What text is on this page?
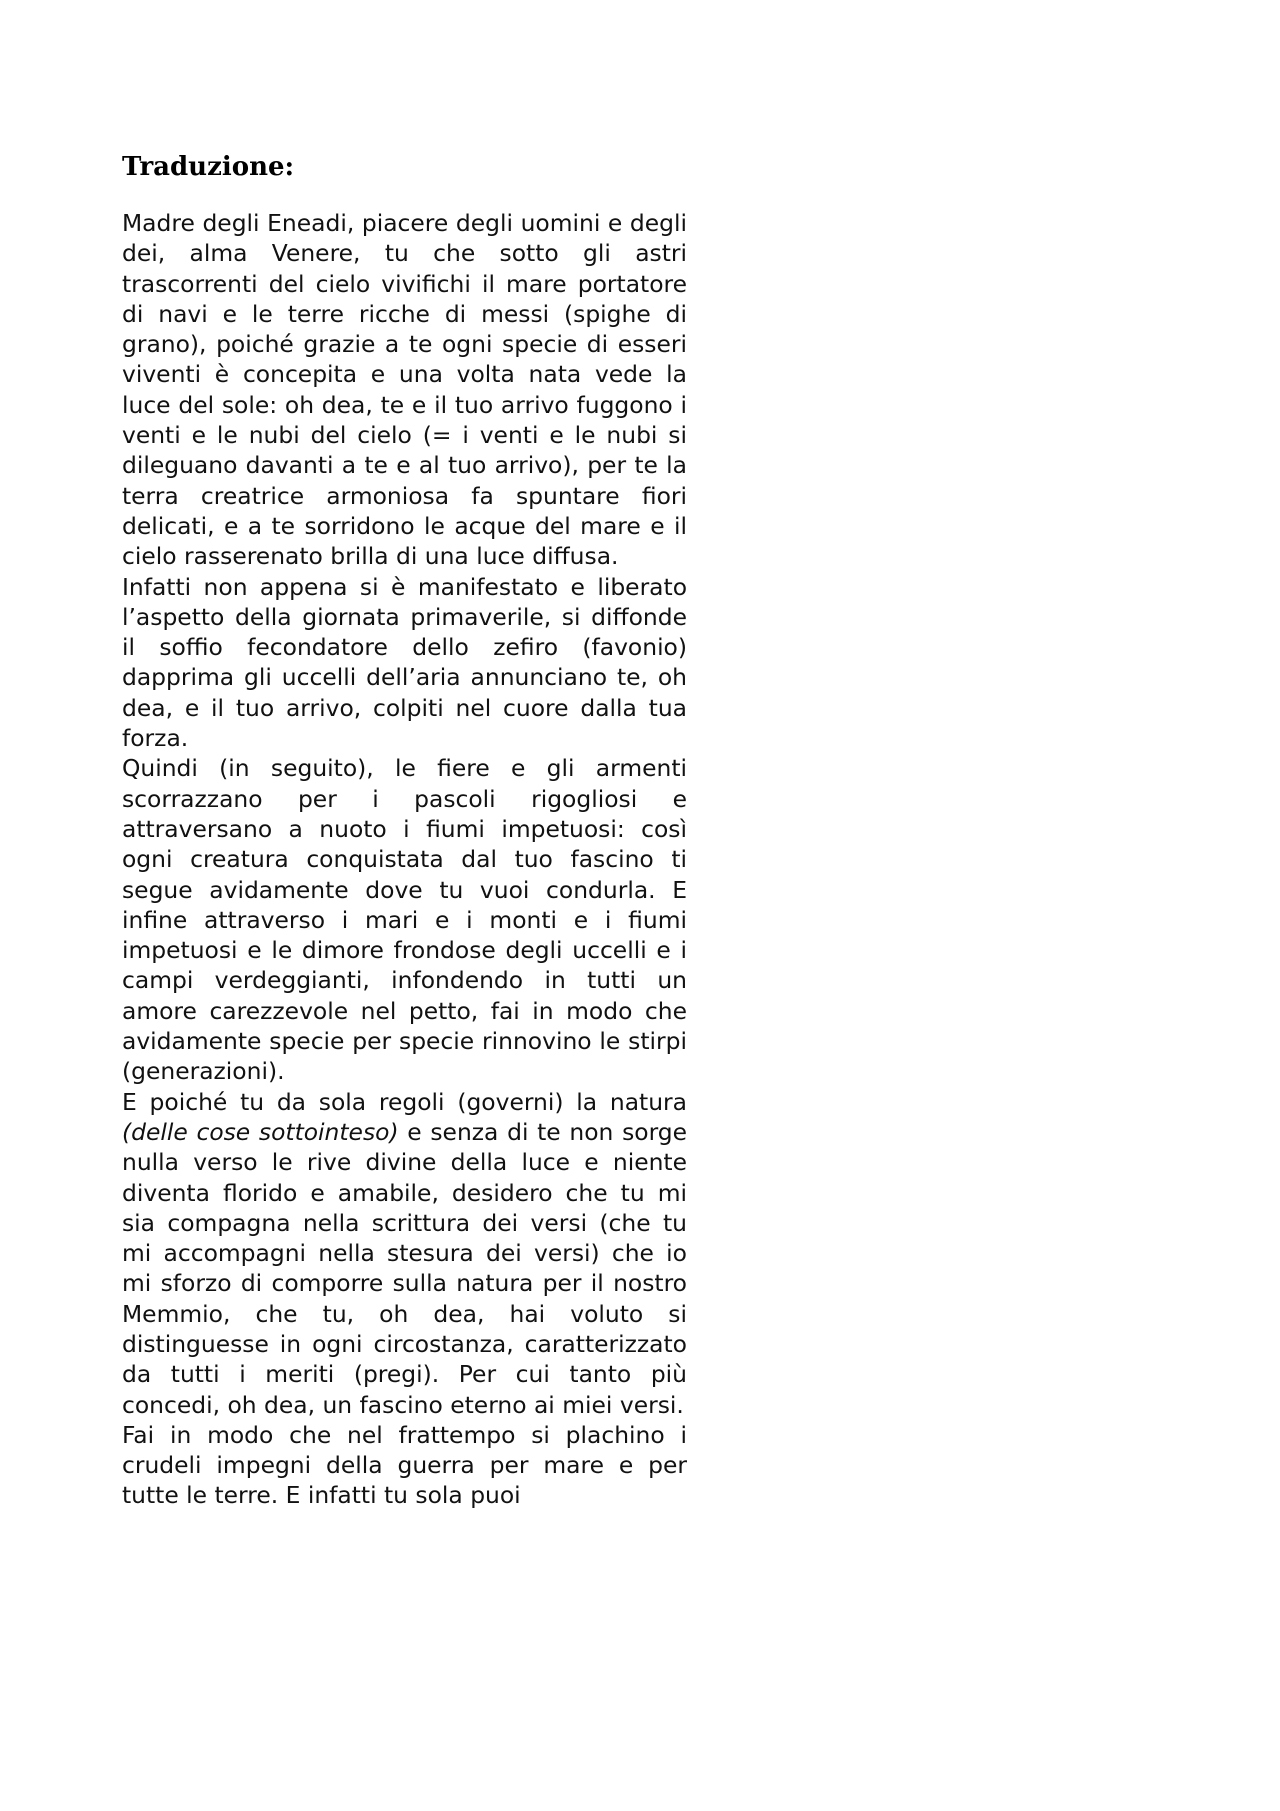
Traduzione:

Madre degli Eneadi, piacere degli uomini e degli dei, alma Venere, tu che sotto gli astri trascorrenti del cielo vivifichi il mare portatore di navi e le terre ricche di messi (spighe di grano), poiché grazie a te ogni specie di esseri viventi è concepita e una volta nata vede la luce del sole: oh dea, te e il tuo arrivo fuggono i venti e le nubi del cielo (= i venti e le nubi si dileguano davanti a te e al tuo arrivo), per te la terra creatrice armoniosa fa spuntare fiori delicati, e a te sorridono le acque del mare e il cielo rasserenato brilla di una luce diffusa.

Infatti non appena si è manifestato e liberato l’aspetto della giornata primaverile, si diffonde il soffio fecondatore dello zefiro (favonio) dapprima gli uccelli dell’aria annunciano te, oh dea, e il tuo arrivo, colpiti nel cuore dalla tua forza.

Quindi (in seguito), le fiere e gli armenti scorrazzano per i pascoli rigogliosi e attraversano a nuoto i fiumi impetuosi: così ogni creatura conquistata dal tuo fascino ti segue avidamente dove tu vuoi condurla. E infine attraverso i mari e i monti e i fiumi impetuosi e le dimore frondose degli uccelli e i campi verdeggianti, infondendo in tutti un amore carezzevole nel petto, fai in modo che avidamente specie per specie rinnovino le stirpi (generazioni).

E poiché tu da sola regoli (governi) la natura (delle cose sottointeso) e senza di te non sorge nulla verso le rive divine della luce e niente diventa florido e amabile, desidero che tu mi sia compagna nella scrittura dei versi (che tu mi accompagni nella stesura dei versi) che io mi sforzo di comporre sulla natura per il nostro Memmio, che tu, oh dea, hai voluto si distinguesse in ogni circostanza, caratterizzato da tutti i meriti (pregi). Per cui tanto più concedi, oh dea, un fascino eterno ai miei versi.

Fai in modo che nel frattempo si plachino i crudeli impegni della guerra per mare e per tutte le terre. E infatti tu sola puoi
